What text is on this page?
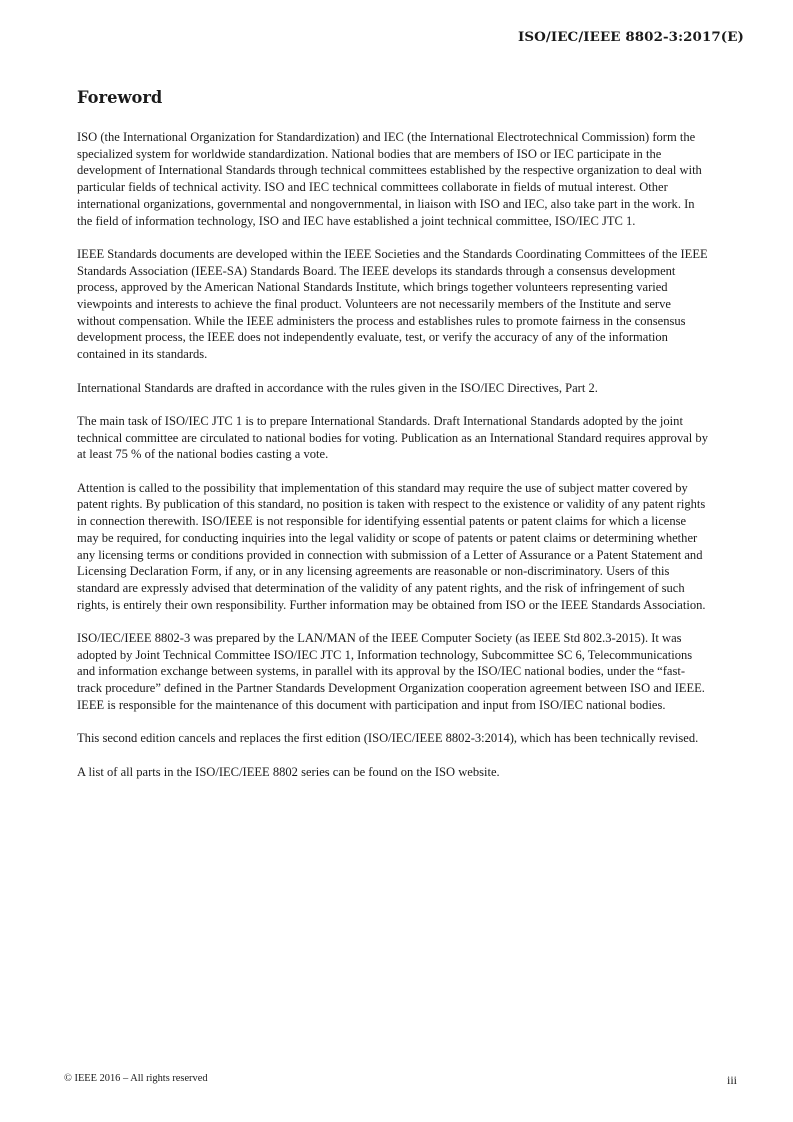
ISO/IEC/IEEE 8802-3:2017(E)
Foreword

ISO (the International Organization for Standardization) and IEC (the International Electrotechnical Commission) form the specialized system for worldwide standardization. National bodies that are members of ISO or IEC participate in the development of International Standards through technical committees established by the respective organization to deal with particular fields of technical activity. ISO and IEC technical committees collaborate in fields of mutual interest. Other international organizations, governmental and nongovernmental, in liaison with ISO and IEC, also take part in the work. In the field of information technology, ISO and IEC have established a joint technical committee, ISO/IEC JTC 1.

IEEE Standards documents are developed within the IEEE Societies and the Standards Coordinating Committees of the IEEE Standards Association (IEEE-SA) Standards Board. The IEEE develops its standards through a consensus development process, approved by the American National Standards Institute, which brings together volunteers representing varied viewpoints and interests to achieve the final product. Volunteers are not necessarily members of the Institute and serve without compensation. While the IEEE administers the process and establishes rules to promote fairness in the consensus development process, the IEEE does not independently evaluate, test, or verify the accuracy of any of the information contained in its standards.

International Standards are drafted in accordance with the rules given in the ISO/IEC Directives, Part 2.

The main task of ISO/IEC JTC 1 is to prepare International Standards. Draft International Standards adopted by the joint technical committee are circulated to national bodies for voting. Publication as an International Standard requires approval by at least 75 % of the national bodies casting a vote.

Attention is called to the possibility that implementation of this standard may require the use of subject matter covered by patent rights. By publication of this standard, no position is taken with respect to the existence or validity of any patent rights in connection therewith. ISO/IEEE is not responsible for identifying essential patents or patent claims for which a license may be required, for conducting inquiries into the legal validity or scope of patents or patent claims or determining whether any licensing terms or conditions provided in connection with submission of a Letter of Assurance or a Patent Statement and Licensing Declaration Form, if any, or in any licensing agreements are reasonable or non-discriminatory. Users of this standard are expressly advised that determination of the validity of any patent rights, and the risk of infringement of such rights, is entirely their own responsibility. Further information may be obtained from ISO or the IEEE Standards Association.

ISO/IEC/IEEE 8802-3 was prepared by the LAN/MAN of the IEEE Computer Society (as IEEE Std 802.3-2015). It was adopted by Joint Technical Committee ISO/IEC JTC 1, Information technology, Subcommittee SC 6, Telecommunications and information exchange between systems, in parallel with its approval by the ISO/IEC national bodies, under the “fast-track procedure” defined in the Partner Standards Development Organization cooperation agreement between ISO and IEEE. IEEE is responsible for the maintenance of this document with participation and input from ISO/IEC national bodies.

This second edition cancels and replaces the first edition (ISO/IEC/IEEE 8802-3:2014), which has been technically revised.

A list of all parts in the ISO/IEC/IEEE 8802 series can be found on the ISO website.

© IEEE 2016 – All rights reserved	iii
